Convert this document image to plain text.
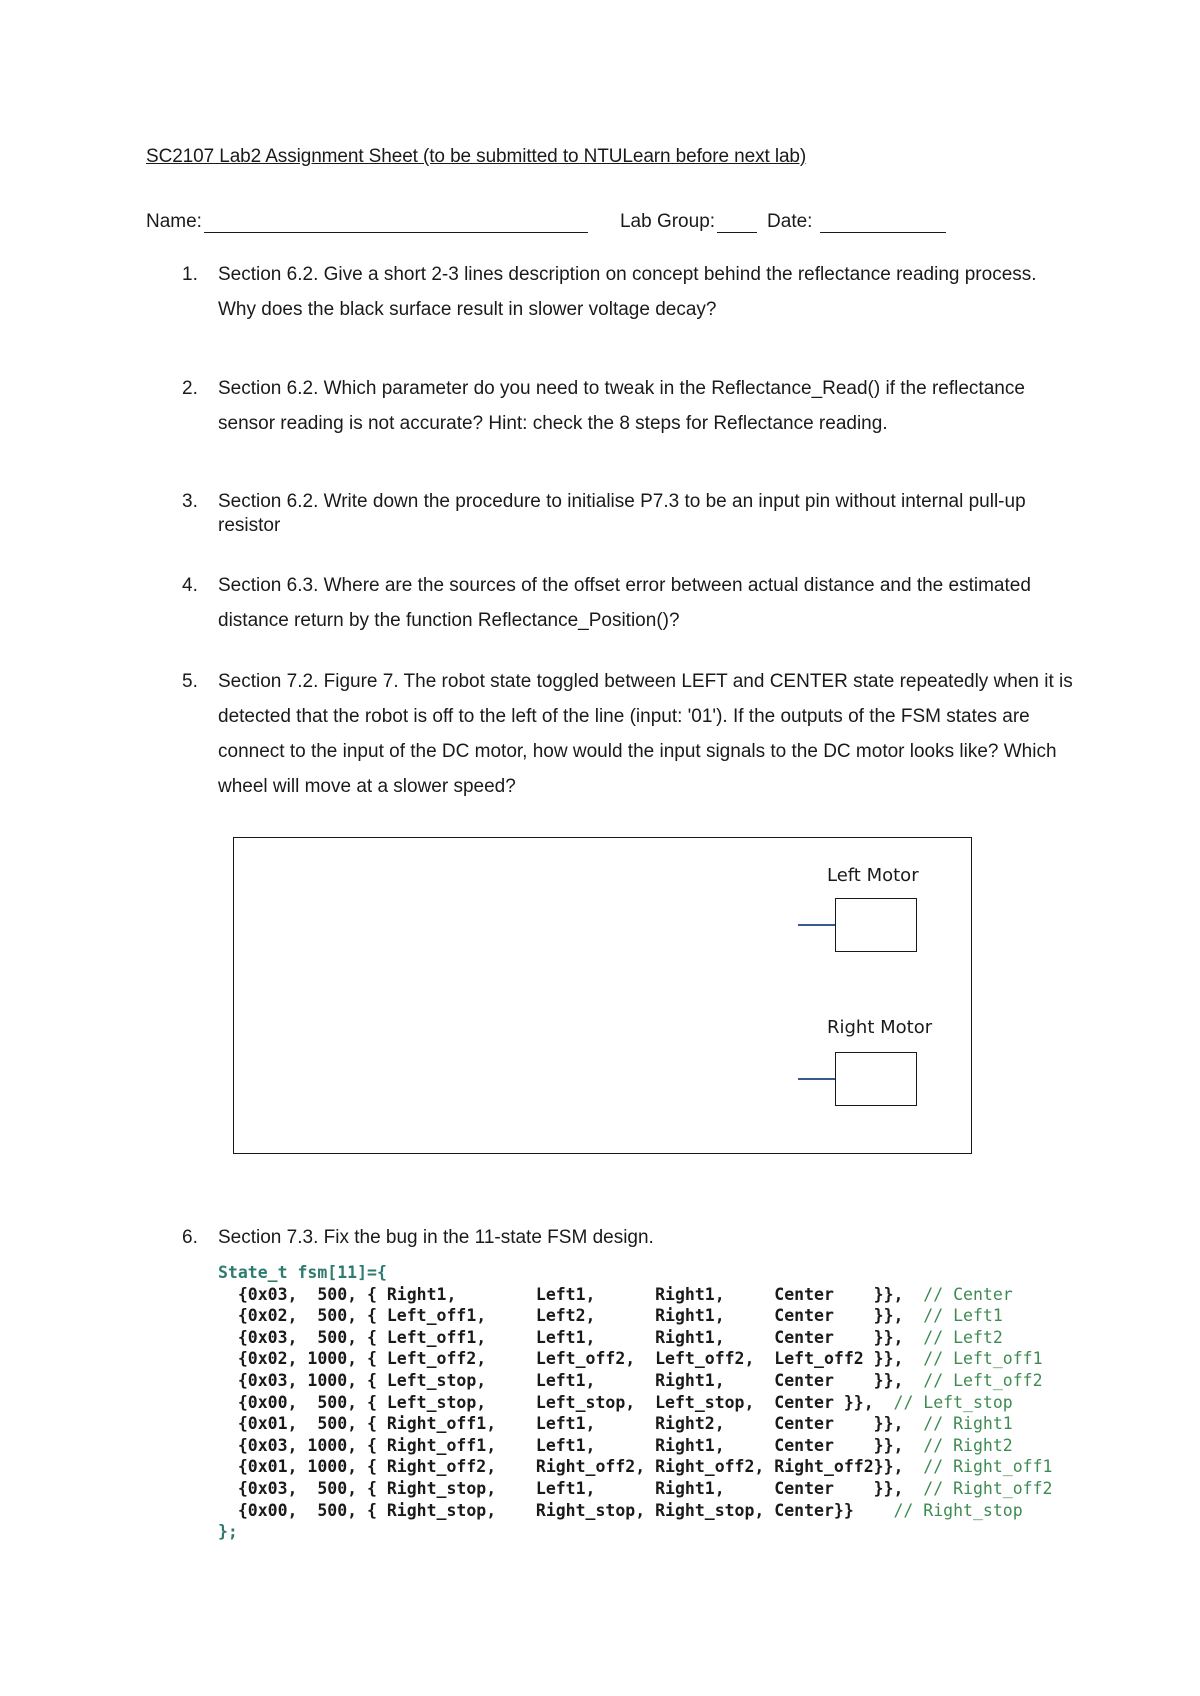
SC2107 Lab2 Assignment Sheet (to be submitted to NTULearn before next lab)
Name:	Lab Group:	Date:
1.	Section 6.2. Give a short 2-3 lines description on concept behind the reflectance reading process. Why does the black surface result in slower voltage decay?
2.	Section 6.2. Which parameter do you need to tweak in the Reflectance_Read() if the reflectance sensor reading is not accurate? Hint: check the 8 steps for Reflectance reading.
3.	Section 6.2. Write down the procedure to initialise P7.3 to be an input pin without internal pull-up resistor
4.	Section 6.3. Where are the sources of the offset error between actual distance and the estimated distance return by the function Reflectance_Position()?
5.	Section 7.2. Figure 7. The robot state toggled between LEFT and CENTER state repeatedly when it is detected that the robot is off to the left of the line (input: '01'). If the outputs of the FSM states are connect to the input of the DC motor, how would the input signals to the DC motor looks like? Which wheel will move at a slower speed?
Left Motor
Right Motor
6.	Section 7.3. Fix the bug in the 11-state FSM design.
State_t fsm[11]={
{0x03,  500, { Right1,        Left1,      Right1,     Center    }},  // Center
{0x02,  500, { Left_off1,     Left2,      Right1,     Center    }},  // Left1
{0x03,  500, { Left_off1,     Left1,      Right1,     Center    }},  // Left2
{0x02, 1000, { Left_off2,     Left_off2,  Left_off2,  Left_off2 }},  // Left_off1
{0x03, 1000, { Left_stop,     Left1,      Right1,     Center    }},  // Left_off2
{0x00,  500, { Left_stop,     Left_stop,  Left_stop,  Center }},  // Left_stop
{0x01,  500, { Right_off1,    Left1,      Right2,     Center    }},  // Right1
{0x03, 1000, { Right_off1,    Left1,      Right1,     Center    }},  // Right2
{0x01, 1000, { Right_off2,    Right_off2, Right_off2, Right_off2}},  // Right_off1
{0x03,  500, { Right_stop,    Left1,      Right1,     Center    }},  // Right_off2
{0x00,  500, { Right_stop,    Right_stop, Right_stop, Center}}    // Right_stop
};
